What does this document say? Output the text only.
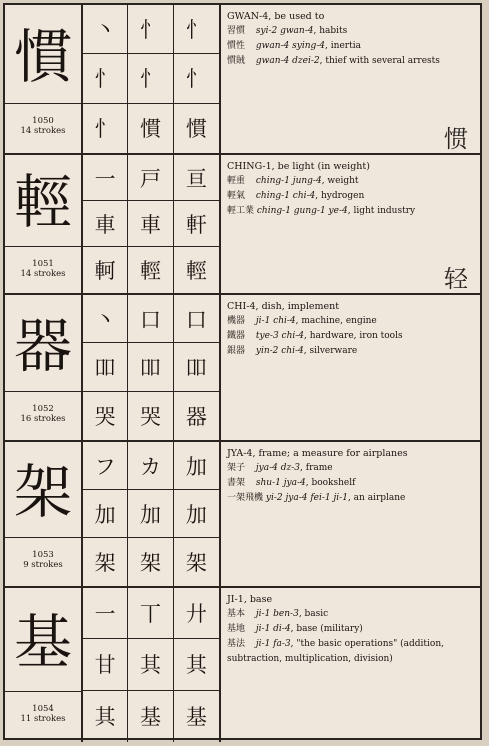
慣
1050
14 strokes
丶	忄	忄
忄	忄	忄
忄	慣	慣
GWAN-4, be used to
習慣 syi-2 gwan-4, habits
慣性 gwan-4 sying-4, inertia
慣賊 gwan-4 dzei-2, thief with several arrests
惯
輕
1051
14 strokes
一	戸	亘
車	車	軒
軻	輕	輕
CHING-1, be light (in weight)
輕重 ching-1 jung-4, weight
輕氣 ching-1 chi-4, hydrogen
輕工業 ching-1 gung-1 ye-4, light industry
轻
器
1052
16 strokes
丶	口	口
吅	吅	吅
哭	哭	器
CHI-4, dish, implement
機器 ji-1 chi-4, machine, engine
鐵器 tye-3 chi-4, hardware, iron tools
銀器 yin-2 chi-4, silverware
架
1053
9 strokes
フ	カ	加
加	加	加
架	架	架
JYA-4, frame; a measure for airplanes
架子 jya-4 dz-3, frame
書架 shu-1 jya-4, bookshelf
一架飛機 yi-2 jya-4 fei-1 ji-1, an airplane
基
1054
11 strokes
一	丅	廾
甘	其	其
其	基	基
JI-1, base
基本 ji-1 ben-3, basic
基地 ji-1 di-4, base (military)
基法 ji-1 fa-3, "the basic operations" (addition, subtraction, multiplication, division)
